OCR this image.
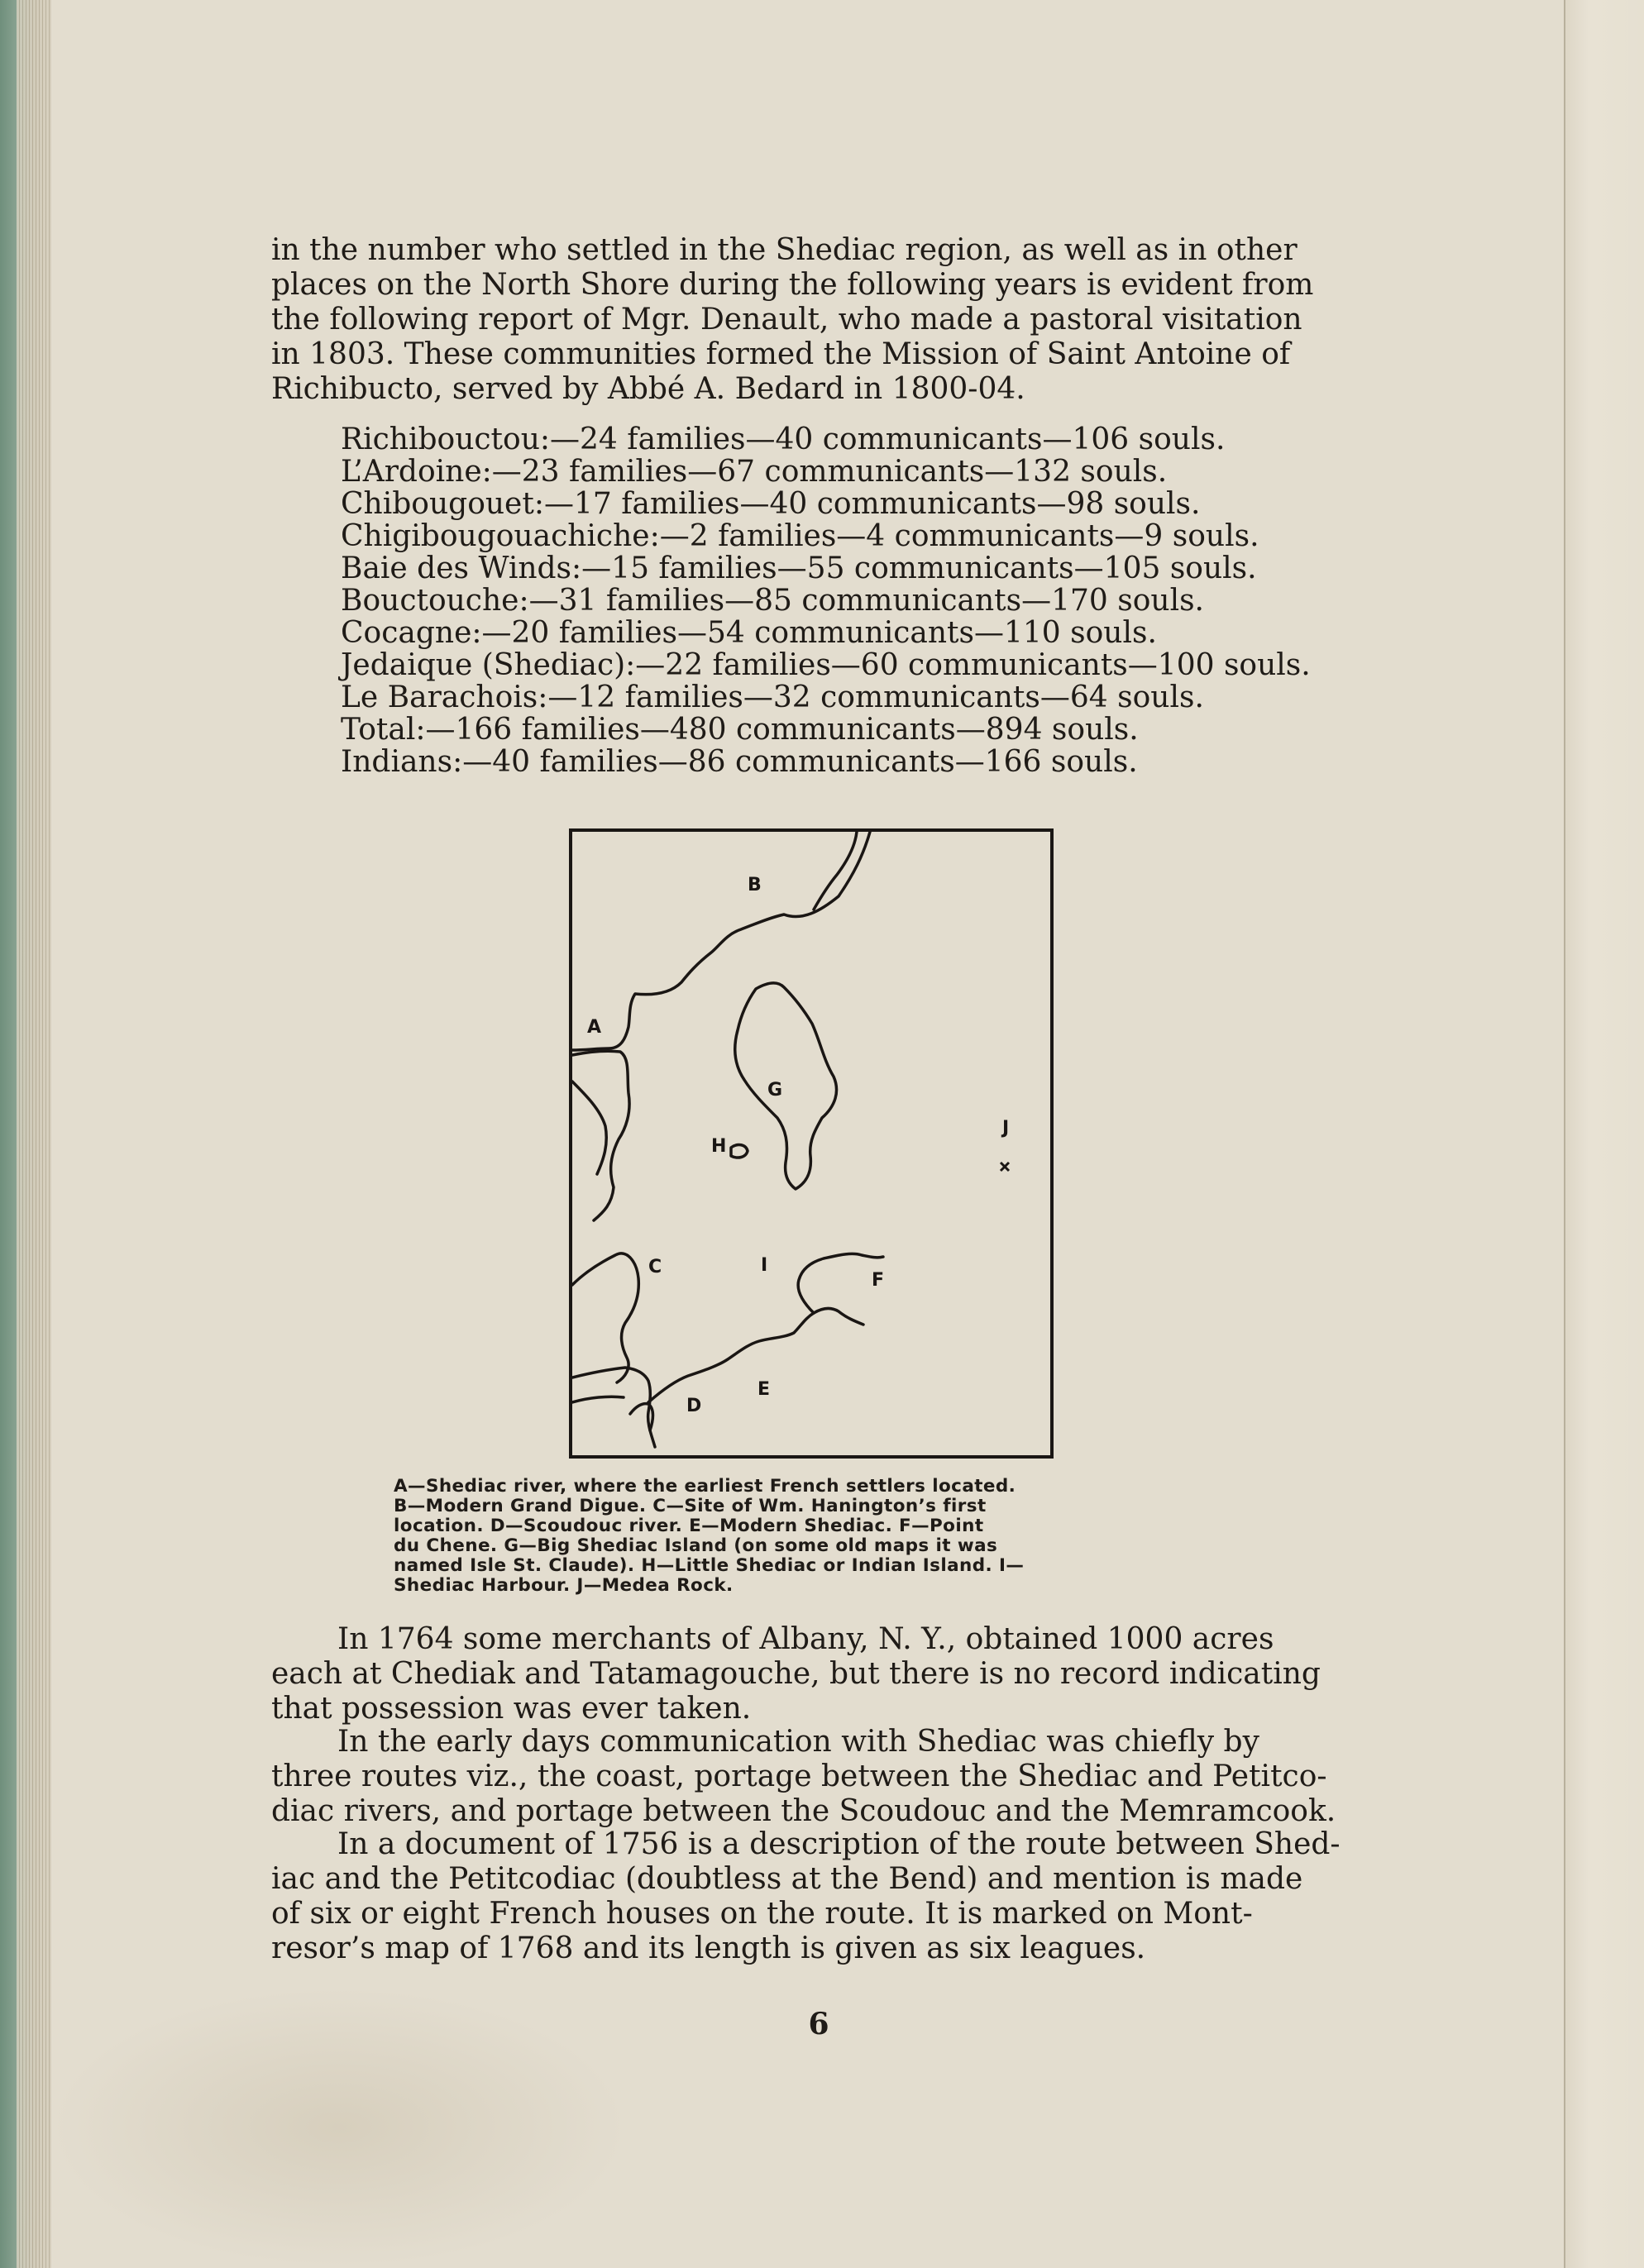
in the number who settled in the Shediac region, as well as in other
places on the North Shore during the following years is evident from
the following report of Mgr. Denault, who made a pastoral visitation
in 1803. These communities formed the Mission of Saint Antoine of
Richibucto, served by Abbé A. Bedard in 1800-04.

Richibouctou:—24 families—40 communicants—106 souls.
L’Ardoine:—23 families—67 communicants—132 souls.
Chibougouet:—17 families—40 communicants—98 souls.
Chigibougouachiche:—2 families—4 communicants—9 souls.
Baie des Winds:—15 families—55 communicants—105 souls.
Bouctouche:—31 families—85 communicants—170 souls.
Cocagne:—20 families—54 communicants—110 souls.
Jedaique (Shediac):—22 families—60 communicants—100 souls.
Le Barachois:—12 families—32 communicants—64 souls.
Total:—166 families—480 communicants—894 souls.
Indians:—40 families—86 communicants—166 souls.
B
A
G
J
H
C	I
F
E
D

A—Shediac river, where the earliest French settlers located.
B—Modern Grand Digue. C—Site of Wm. Hanington’s first
location. D—Scoudouc river. E—Modern Shediac. F—Point
du Chene. G—Big Shediac Island (on some old maps it was
named Isle St. Claude). H—Little Shediac or Indian Island. I—
Shediac Harbour. J—Medea Rock.

In 1764 some merchants of Albany, N. Y., obtained 1000 acres
each at Chediak and Tatamagouche, but there is no record indicating
that possession was ever taken.

In the early days communication with Shediac was chiefly by
three routes viz., the coast, portage between the Shediac and Petitco-
diac rivers, and portage between the Scoudouc and the Memramcook.

In a document of 1756 is a description of the route between Shed-
iac and the Petitcodiac (doubtless at the Bend) and mention is made
of six or eight French houses on the route. It is marked on Mont-
resor’s map of 1768 and its length is given as six leagues.

6
